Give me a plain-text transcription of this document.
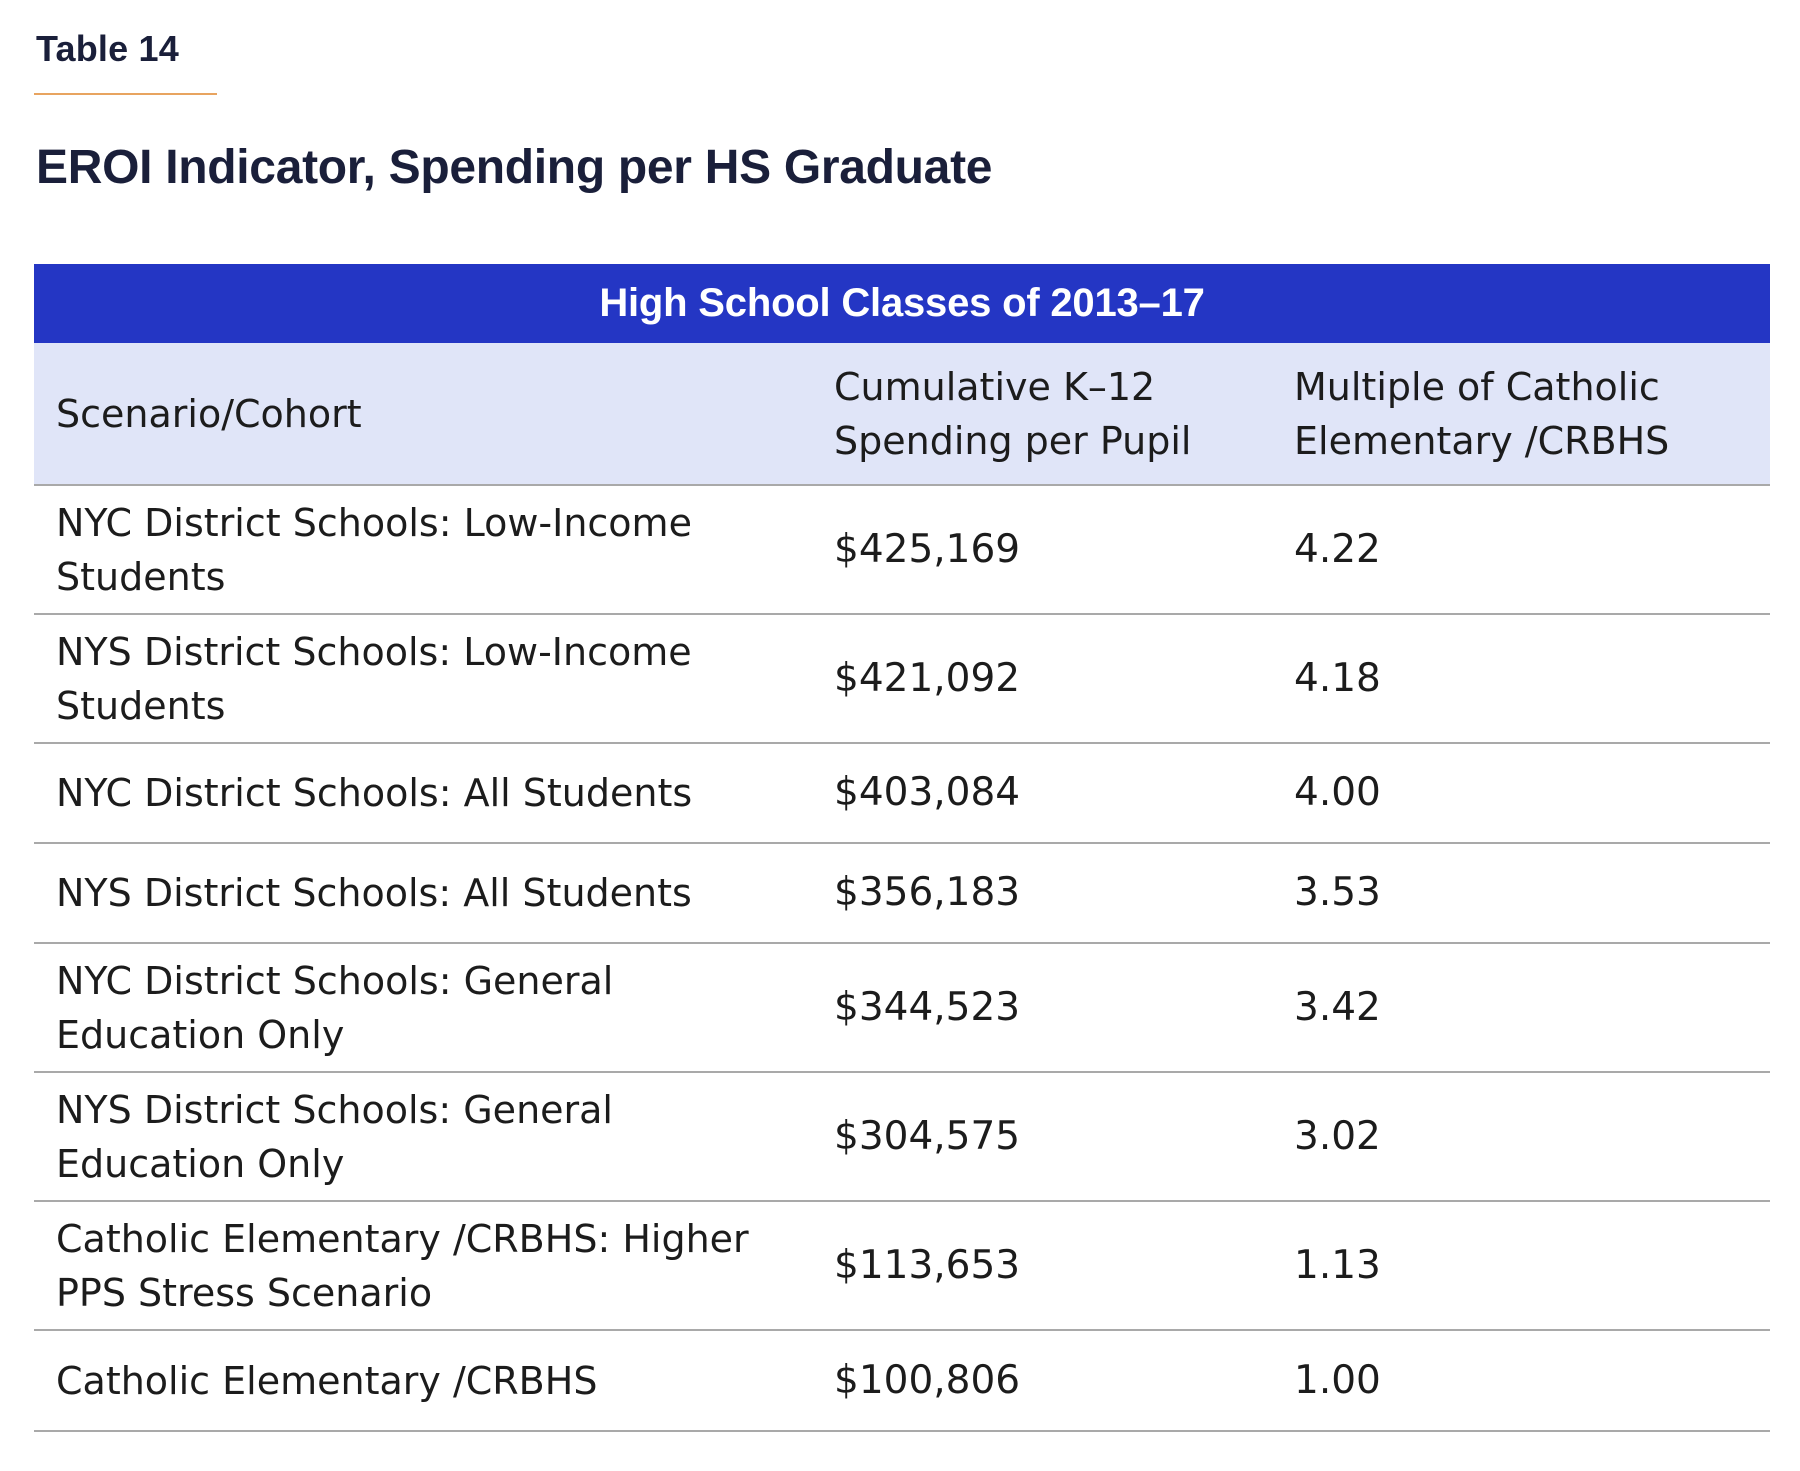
Table 14
EROI Indicator, Spending per HS Graduate
High School Classes of 2013–17		
Scenario/Cohort	Cumulative K–12 Spending per Pupil	Multiple of Catholic Elementary /CRBHS
NYC District Schools: Low-Income Students	$425,169	4.22
NYS District Schools: Low-Income Students	$421,092	4.18
NYC District Schools: All Students	$403,084	4.00
NYS District Schools: All Students	$356,183	3.53
NYC District Schools: General Education Only	$344,523	3.42
NYS District Schools: General Education Only	$304,575	3.02
Catholic Elementary /CRBHS: Higher PPS Stress Scenario	$113,653	1.13
Catholic Elementary /CRBHS	$100,806	1.00
